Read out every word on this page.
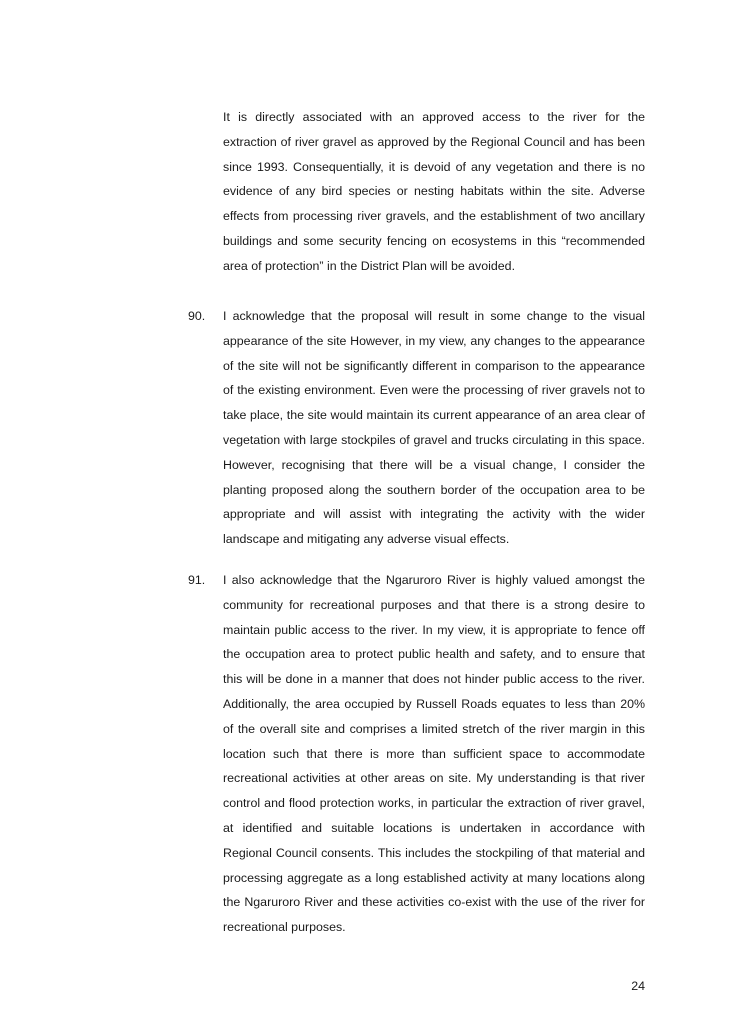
It is directly associated with an approved access to the river for the extraction of river gravel as approved by the Regional Council and has been since 1993. Consequentially, it is devoid of any vegetation and there is no evidence of any bird species or nesting habitats within the site. Adverse effects from processing river gravels, and the establishment of two ancillary buildings and some security fencing on ecosystems in this “recommended area of protection” in the District Plan will be avoided.

90. I acknowledge that the proposal will result in some change to the visual appearance of the site However, in my view, any changes to the appearance of the site will not be significantly different in comparison to the appearance of the existing environment. Even were the processing of river gravels not to take place, the site would maintain its current appearance of an area clear of vegetation with large stockpiles of gravel and trucks circulating in this space. However, recognising that there will be a visual change, I consider the planting proposed along the southern border of the occupation area to be appropriate and will assist with integrating the activity with the wider landscape and mitigating any adverse visual effects.

91. I also acknowledge that the Ngaruroro River is highly valued amongst the community for recreational purposes and that there is a strong desire to maintain public access to the river. In my view, it is appropriate to fence off the occupation area to protect public health and safety, and to ensure that this will be done in a manner that does not hinder public access to the river. Additionally, the area occupied by Russell Roads equates to less than 20% of the overall site and comprises a limited stretch of the river margin in this location such that there is more than sufficient space to accommodate recreational activities at other areas on site. My understanding is that river control and flood protection works, in particular the extraction of river gravel, at identified and suitable locations is undertaken in accordance with Regional Council consents. This includes the stockpiling of that material and processing aggregate as a long established activity at many locations along the Ngaruroro River and these activities co-exist with the use of the river for recreational purposes.

24
